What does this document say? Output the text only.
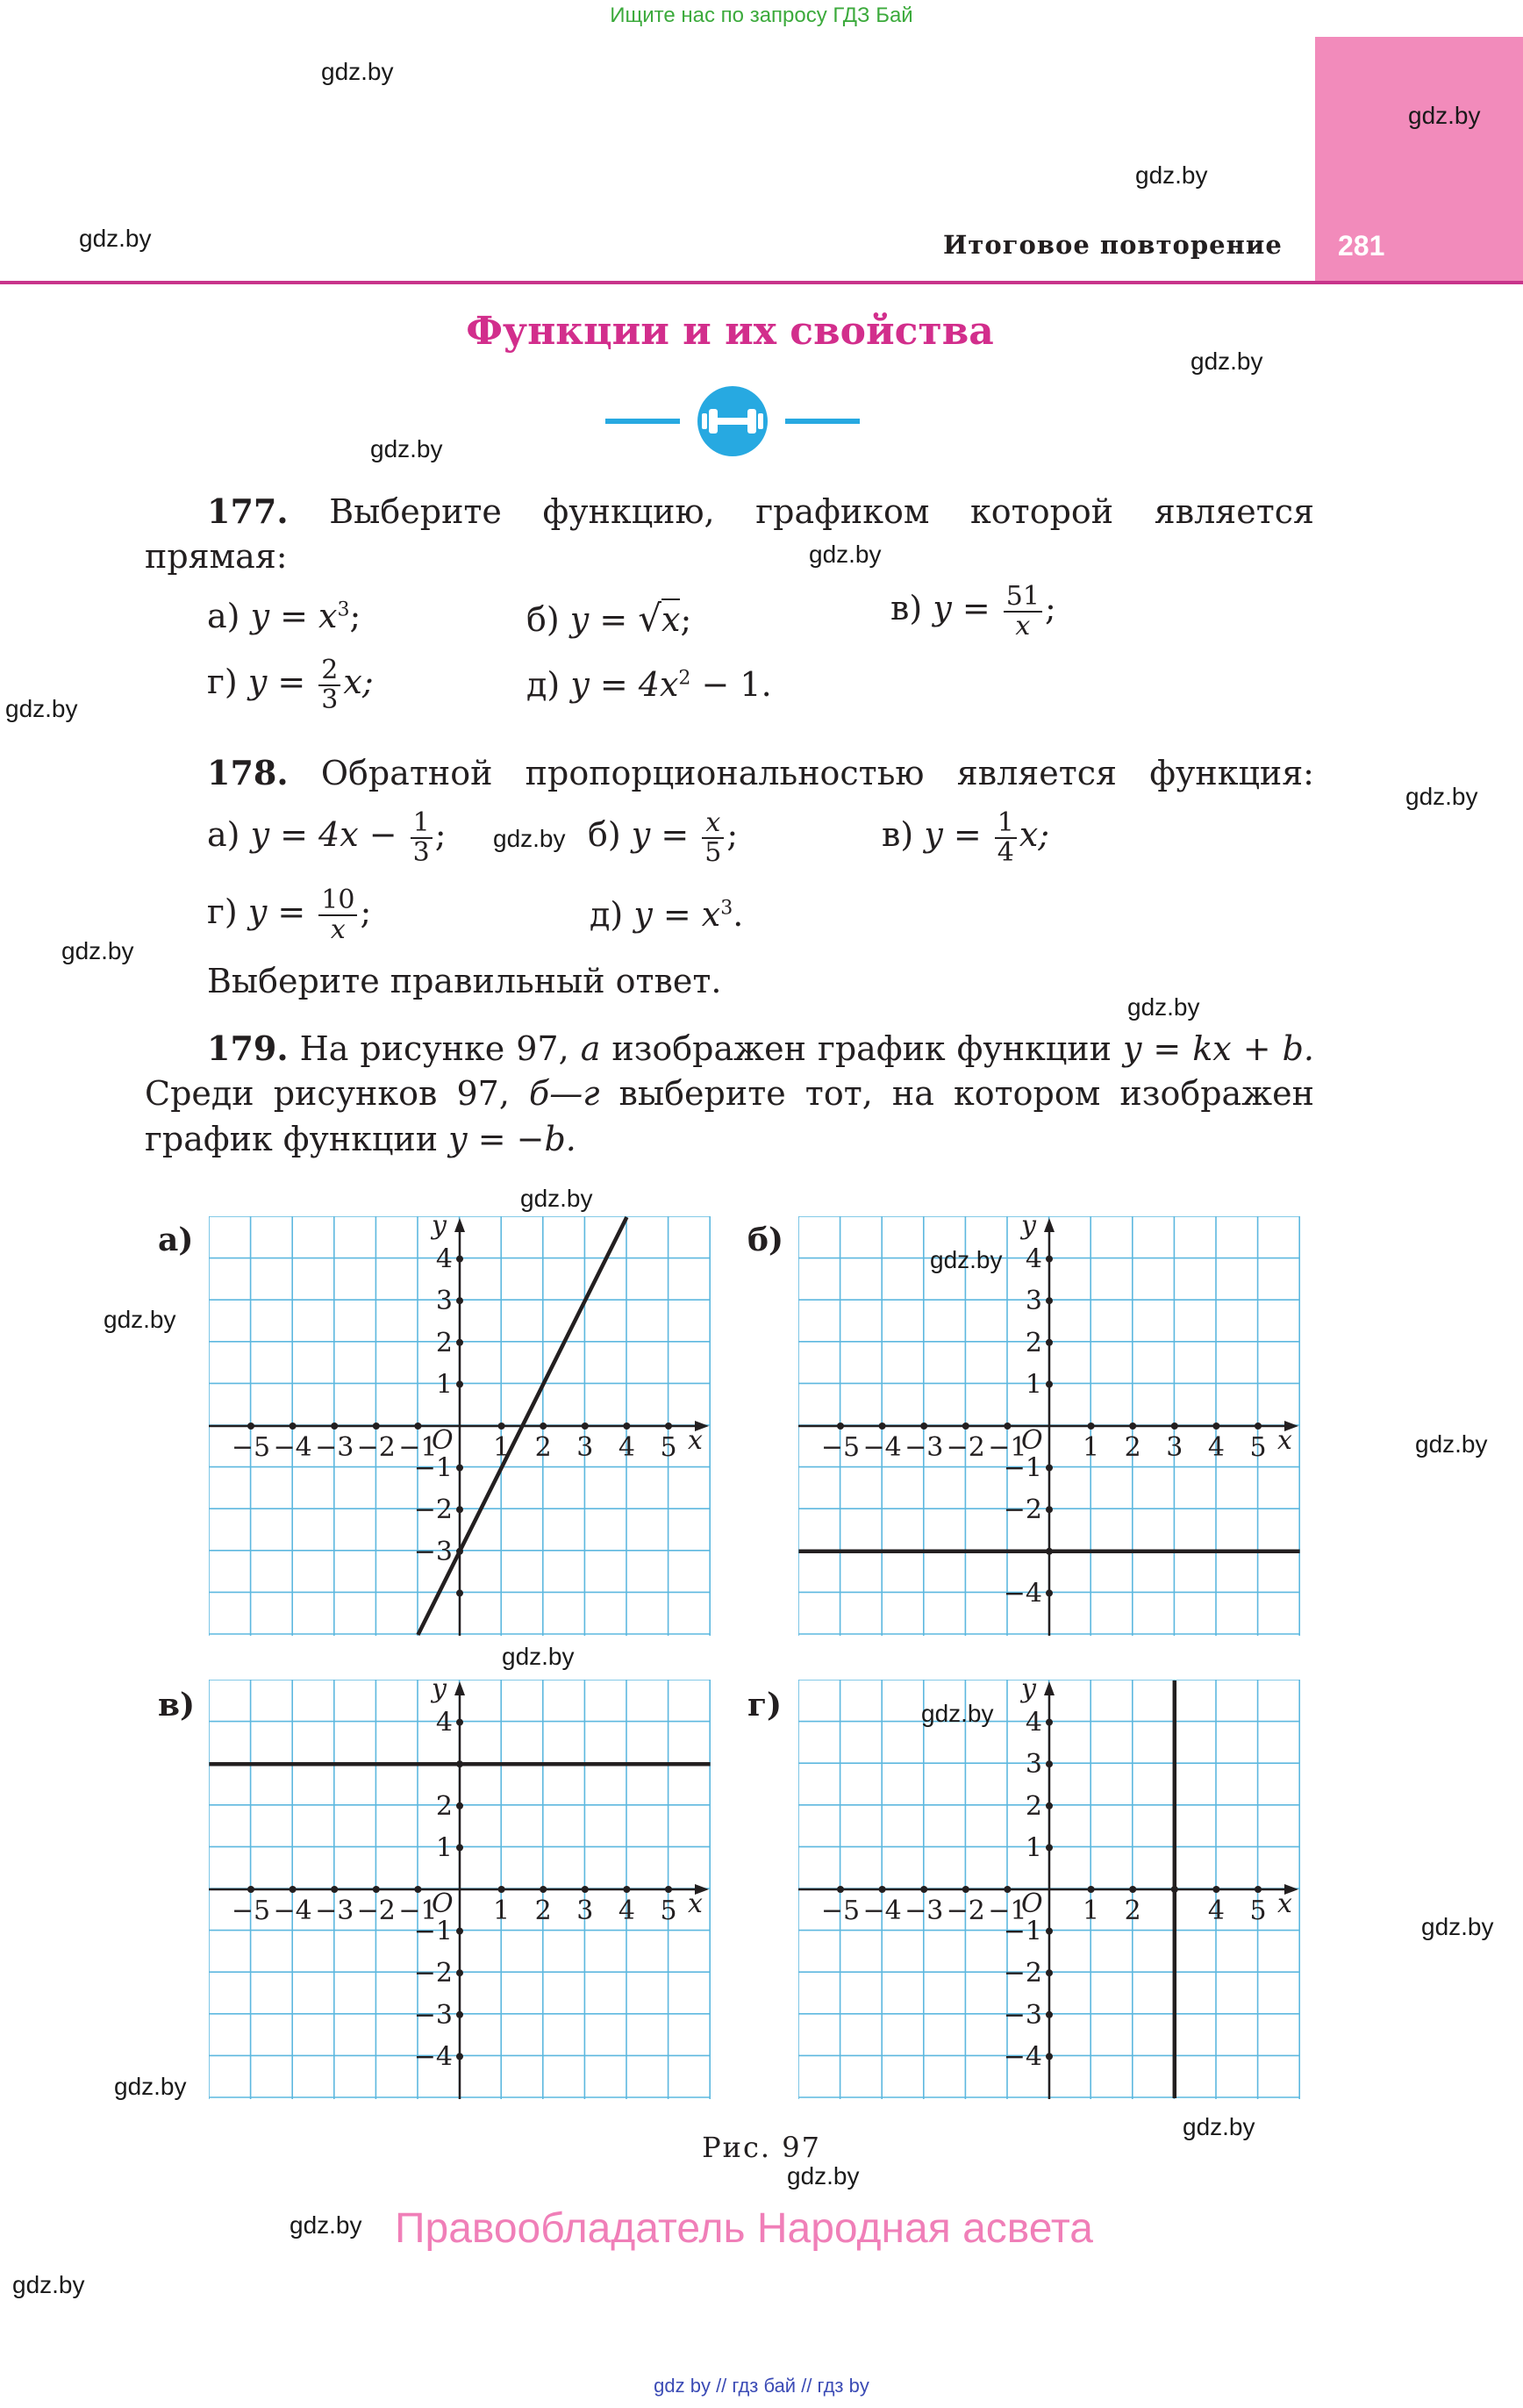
Ищите нас по запросу ГДЗ Бай
281
Итоговое повторение
Функции и их свойства
177. Выберите функцию, графиком которой является
прямая:
а) $y = x^3$;	б) y = √x;	в) $y = \frac{51}{x}$ ;
г) $y = \frac{2}{3} x$;	д) $y = 4x^2 - 1$.
178. Обратной пропорциональностью является функция:
а) $y = 4x - \frac{1}{3}$ ;	б) $y = \frac{x}{5}$ ;	в) $y = \frac{1}{4} x$;
г) $y = \frac{10}{x}$ ;	д) $y = x^3$.
Выберите правильный ответ.
179. На рисунке 97, а изображен график функции y = kx + b.
Среди рисунков 97, б—г выберите тот, на котором изображен
график функции y = −b.
а)	б)
в)	г)
−5 −4 −3 −2 −1 1 2 3 4 5
4
3
2
1
−1
−2
−3
O	x
y
−5 −4 −3 −2 −1 1 2 3 4 5
4
3
2
1
−1
−2
−4
O	x
y
−5 −4 −3 −2 −1 1 2 3 4 5
4
2
1
−1
−2
−3
−4
O	x
y
−5 −4 −3 −2 −1 1 2	4 5
4
3
2
1
−1
−2
−3
−4
O	x
y
Рис. 97
Правообладатель Народная асвета
gdz by // гдз бай // гдз by
gdz.by
gdz.by
gdz.by
gdz.by
gdz.by
gdz.by
gdz.by
gdz.by
gdz.by
gdz.by
gdz.by
gdz.by
gdz.by
gdz.by
gdz.by
gdz.by
gdz.by
gdz.by
gdz.by
gdz.by
gdz.by
gdz.by
gdz.by
gdz.by
